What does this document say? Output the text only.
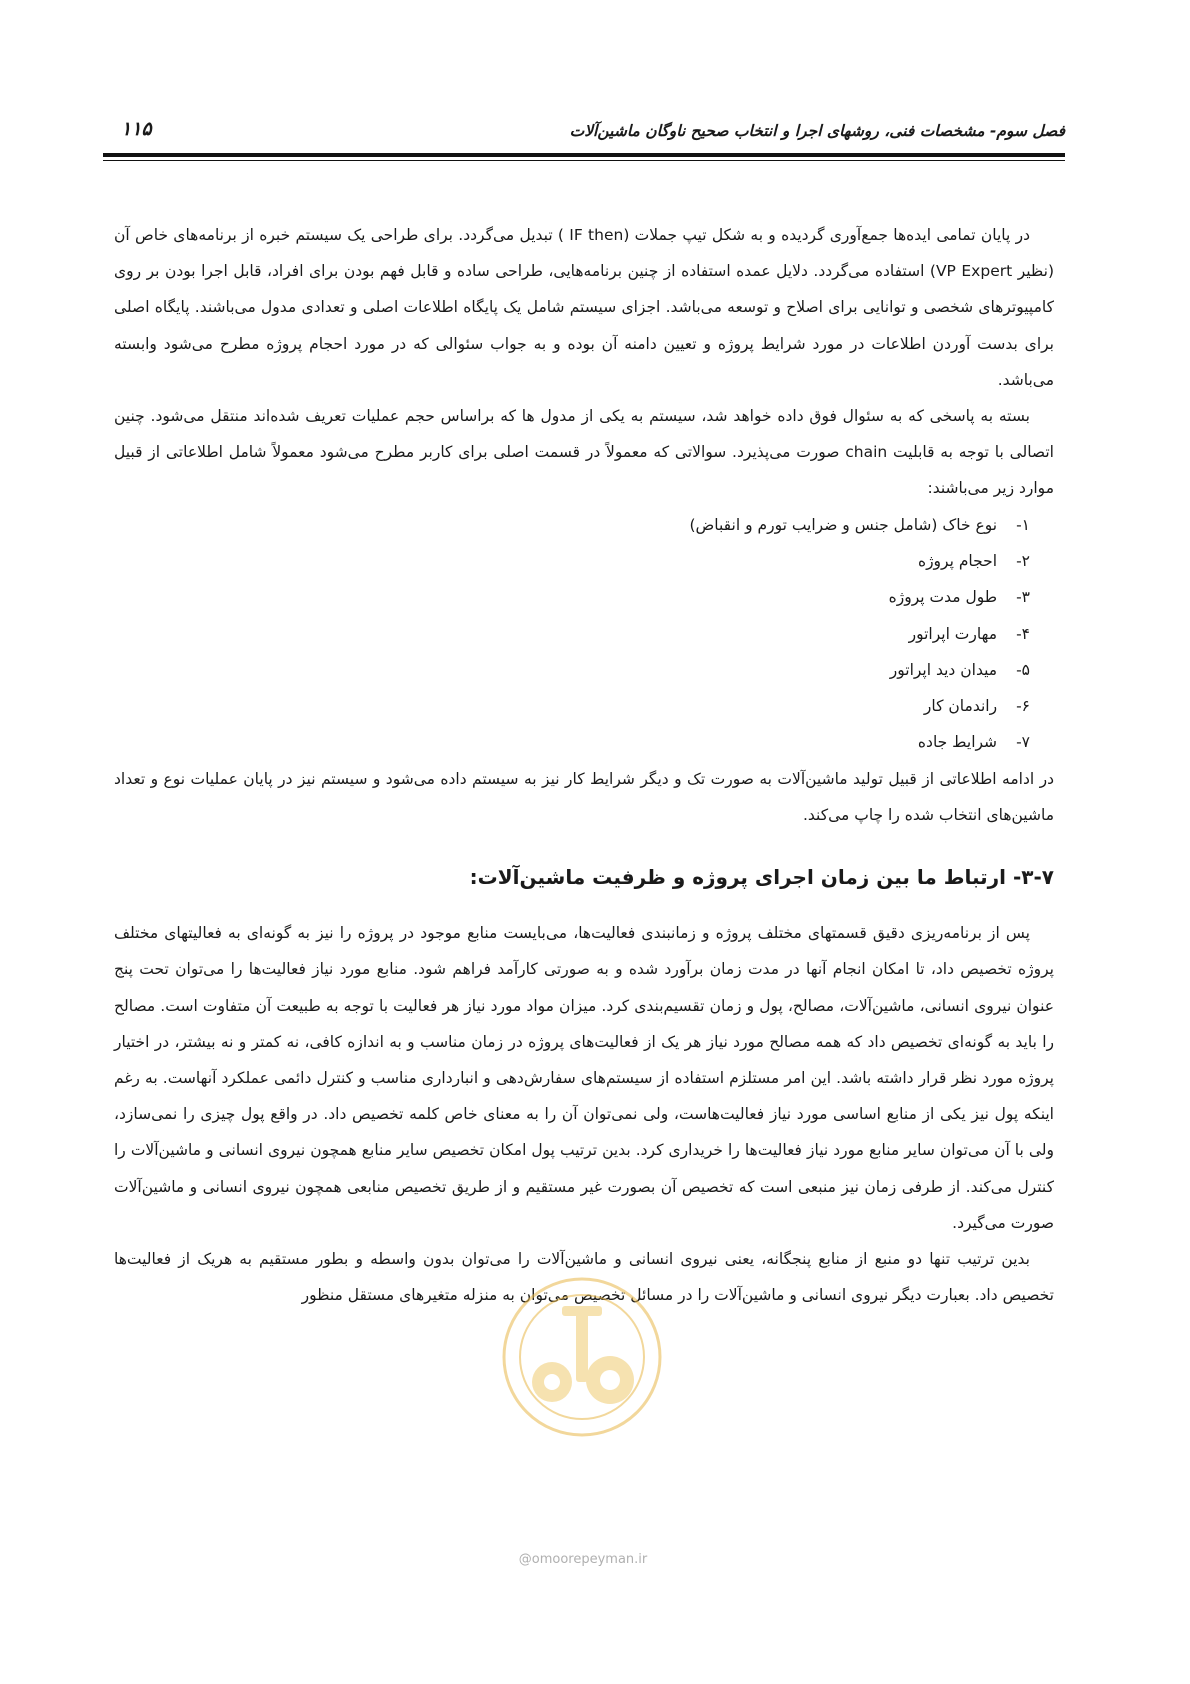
فصل سوم- مشخصات فنی، روشهای اجرا و انتخاب صحیح ناوگان ماشین‌آلات
۱۱۵

در پایان تمامی ایده‌ها جمع‌آوری گردیده و به شکل تیپ جملات (IF then ) تبدیل می‌گردد. برای طراحی یک سیستم خبره از برنامه‌های خاص آن (نظیر VP Expert) استفاده می‌گردد. دلایل عمده استفاده از چنین برنامه‌هایی، طراحی ساده و قابل فهم بودن برای افراد، قابل اجرا بودن بر روی کامپیوترهای شخصی و توانایی برای اصلاح و توسعه می‌باشد. اجزای سیستم شامل یک پایگاه اطلاعات اصلی و تعدادی مدول می‌باشند. پایگاه اصلی برای بدست آوردن اطلاعات در مورد شرایط پروژه و تعیین دامنه آن بوده و به جواب سئوالی که در مورد احجام پروژه مطرح می‌شود وابسته می‌باشد.

بسته به پاسخی که به سئوال فوق داده خواهد شد، سیستم به یکی از مدول ها که براساس حجم عملیات تعریف شده‌اند منتقل می‌شود. چنین اتصالی با توجه به قابلیت chain صورت می‌پذیرد. سوالاتی که معمولاً در قسمت اصلی برای کاربر مطرح می‌شود معمولاً شامل اطلاعاتی از قبیل موارد زیر می‌باشند:

۱- نوع خاک (شامل جنس و ضرایب تورم و انقباض)
۲- احجام پروژه
۳- طول مدت پروژه
۴- مهارت اپراتور
۵- میدان دید اپراتور
۶- راندمان کار
۷- شرایط جاده

در ادامه اطلاعاتی از قبیل تولید ماشین‌آلات به صورت تک و دیگر شرایط کار نیز به سیستم داده می‌شود و سیستم نیز در پایان عملیات نوع و تعداد ماشین‌های انتخاب شده را چاپ می‌کند.

۳-۷- ارتباط ما بین زمان اجرای پروژه و ظرفیت ماشین‌آلات:

پس از برنامه‌ریزی دقیق قسمتهای مختلف پروژه و زمانبندی فعالیت‌ها، می‌بایست منابع موجود در پروژه را نیز به گونه‌ای به فعالیتهای مختلف پروژه تخصیص داد، تا امکان انجام آنها در مدت زمان برآورد شده و به صورتی کارآمد فراهم شود. منابع مورد نیاز فعالیت‌ها را می‌توان تحت پنج عنوان نیروی انسانی، ماشین‌آلات، مصالح، پول و زمان تقسیم‌بندی کرد. میزان مواد مورد نیاز هر فعالیت با توجه به طبیعت آن متفاوت است. مصالح را باید به گونه‌ای تخصیص داد که همه مصالح مورد نیاز هر یک از فعالیت‌های پروژه در زمان مناسب و به اندازه کافی، نه کمتر و نه بیشتر، در اختیار پروژه مورد نظر قرار داشته باشد. این امر مستلزم استفاده از سیستم‌های سفارش‌دهی و انبارداری مناسب و کنترل دائمی عملکرد آنهاست. به رغم اینکه پول نیز یکی از منابع اساسی مورد نیاز فعالیت‌هاست، ولی نمی‌توان آن را به معنای خاص کلمه تخصیص داد. در واقع پول چیزی را نمی‌سازد، ولی با آن می‌توان سایر منابع مورد نیاز فعالیت‌ها را خریداری کرد. بدین ترتیب پول امکان تخصیص سایر منابع همچون نیروی انسانی و ماشین‌آلات را کنترل می‌کند. از طرفی زمان نیز منبعی است که تخصیص آن بصورت غیر مستقیم و از طریق تخصیص منابعی همچون نیروی انسانی و ماشین‌آلات صورت می‌گیرد.

بدین ترتیب تنها دو منبع از منابع پنجگانه، یعنی نیروی انسانی و ماشین‌آلات را می‌توان بدون واسطه و بطور مستقیم به هریک از فعالیت‌ها تخصیص داد. بعبارت دیگر نیروی انسانی و ماشین‌آلات را در مسائل تخصیص می‌توان به منزله متغیرهای مستقل منظور

@omoorepeyman.ir
